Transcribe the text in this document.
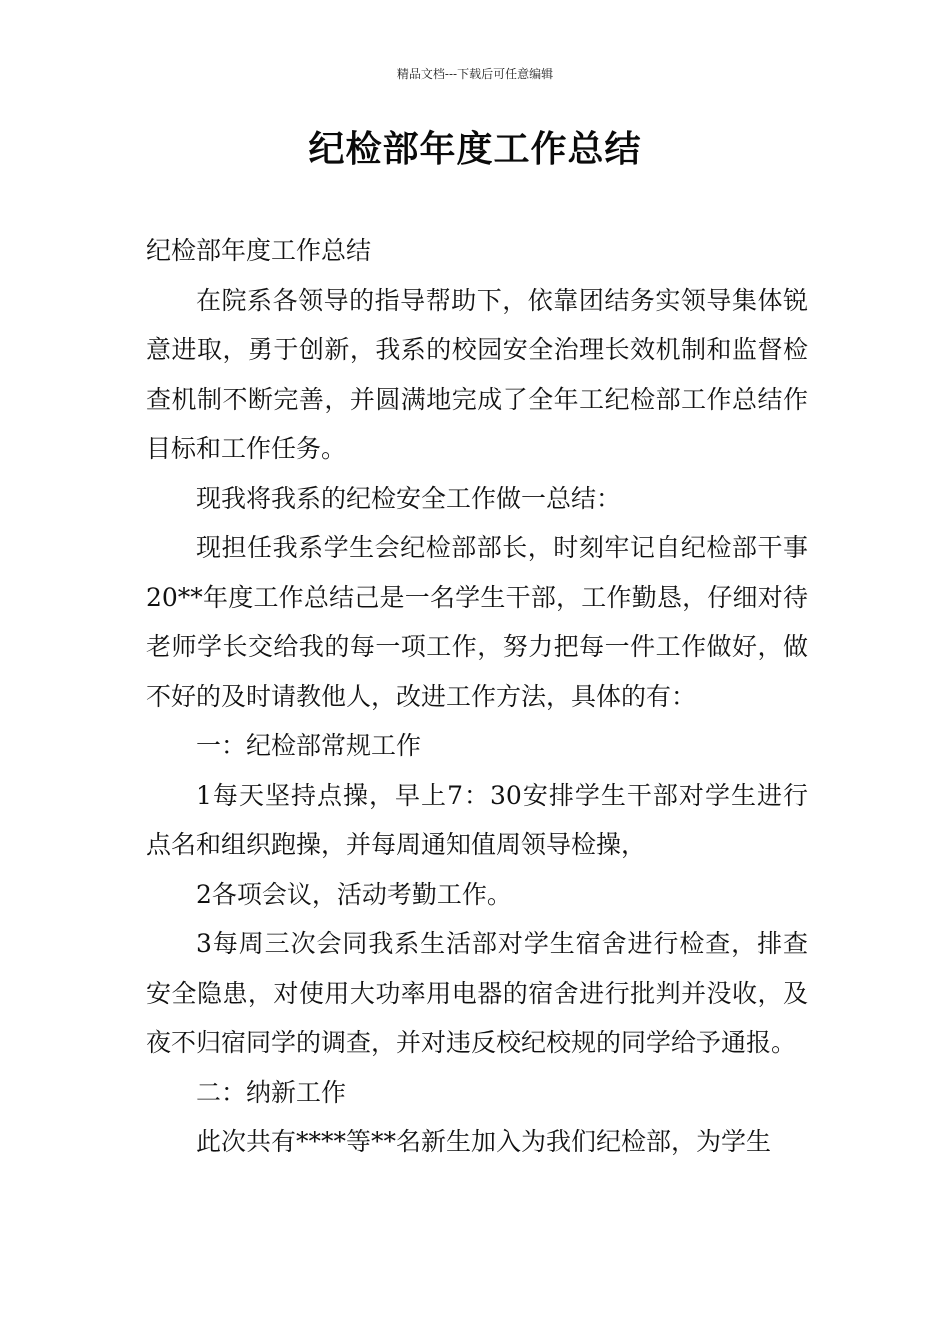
精品文档---下载后可任意编辑
纪检部年度工作总结

纪检部年度工作总结

在院系各领导的指导帮助下，依靠团结务实领导集体锐意进取，勇于创新，我系的校园安全治理长效机制和监督检查机制不断完善，并圆满地完成了全年工纪检部工作总结作目标和工作任务。

现我将我系的纪检安全工作做一总结：

现担任我系学生会纪检部部长，时刻牢记自纪检部干事20**年度工作总结己是一名学生干部，工作勤恳，仔细对待老师学长交给我的每一项工作，努力把每一件工作做好，做不好的及时请教他人，改进工作方法，具体的有：

一：纪检部常规工作

1每天坚持点操，早上7：30安排学生干部对学生进行点名和组织跑操，并每周通知值周领导检操，

2各项会议，活动考勤工作。

3每周三次会同我系生活部对学生宿舍进行检查，排查安全隐患，对使用大功率用电器的宿舍进行批判并没收，及夜不归宿同学的调查，并对违反校纪校规的同学给予通报。

二：纳新工作

此次共有****等**名新生加入为我们纪检部，为学生
